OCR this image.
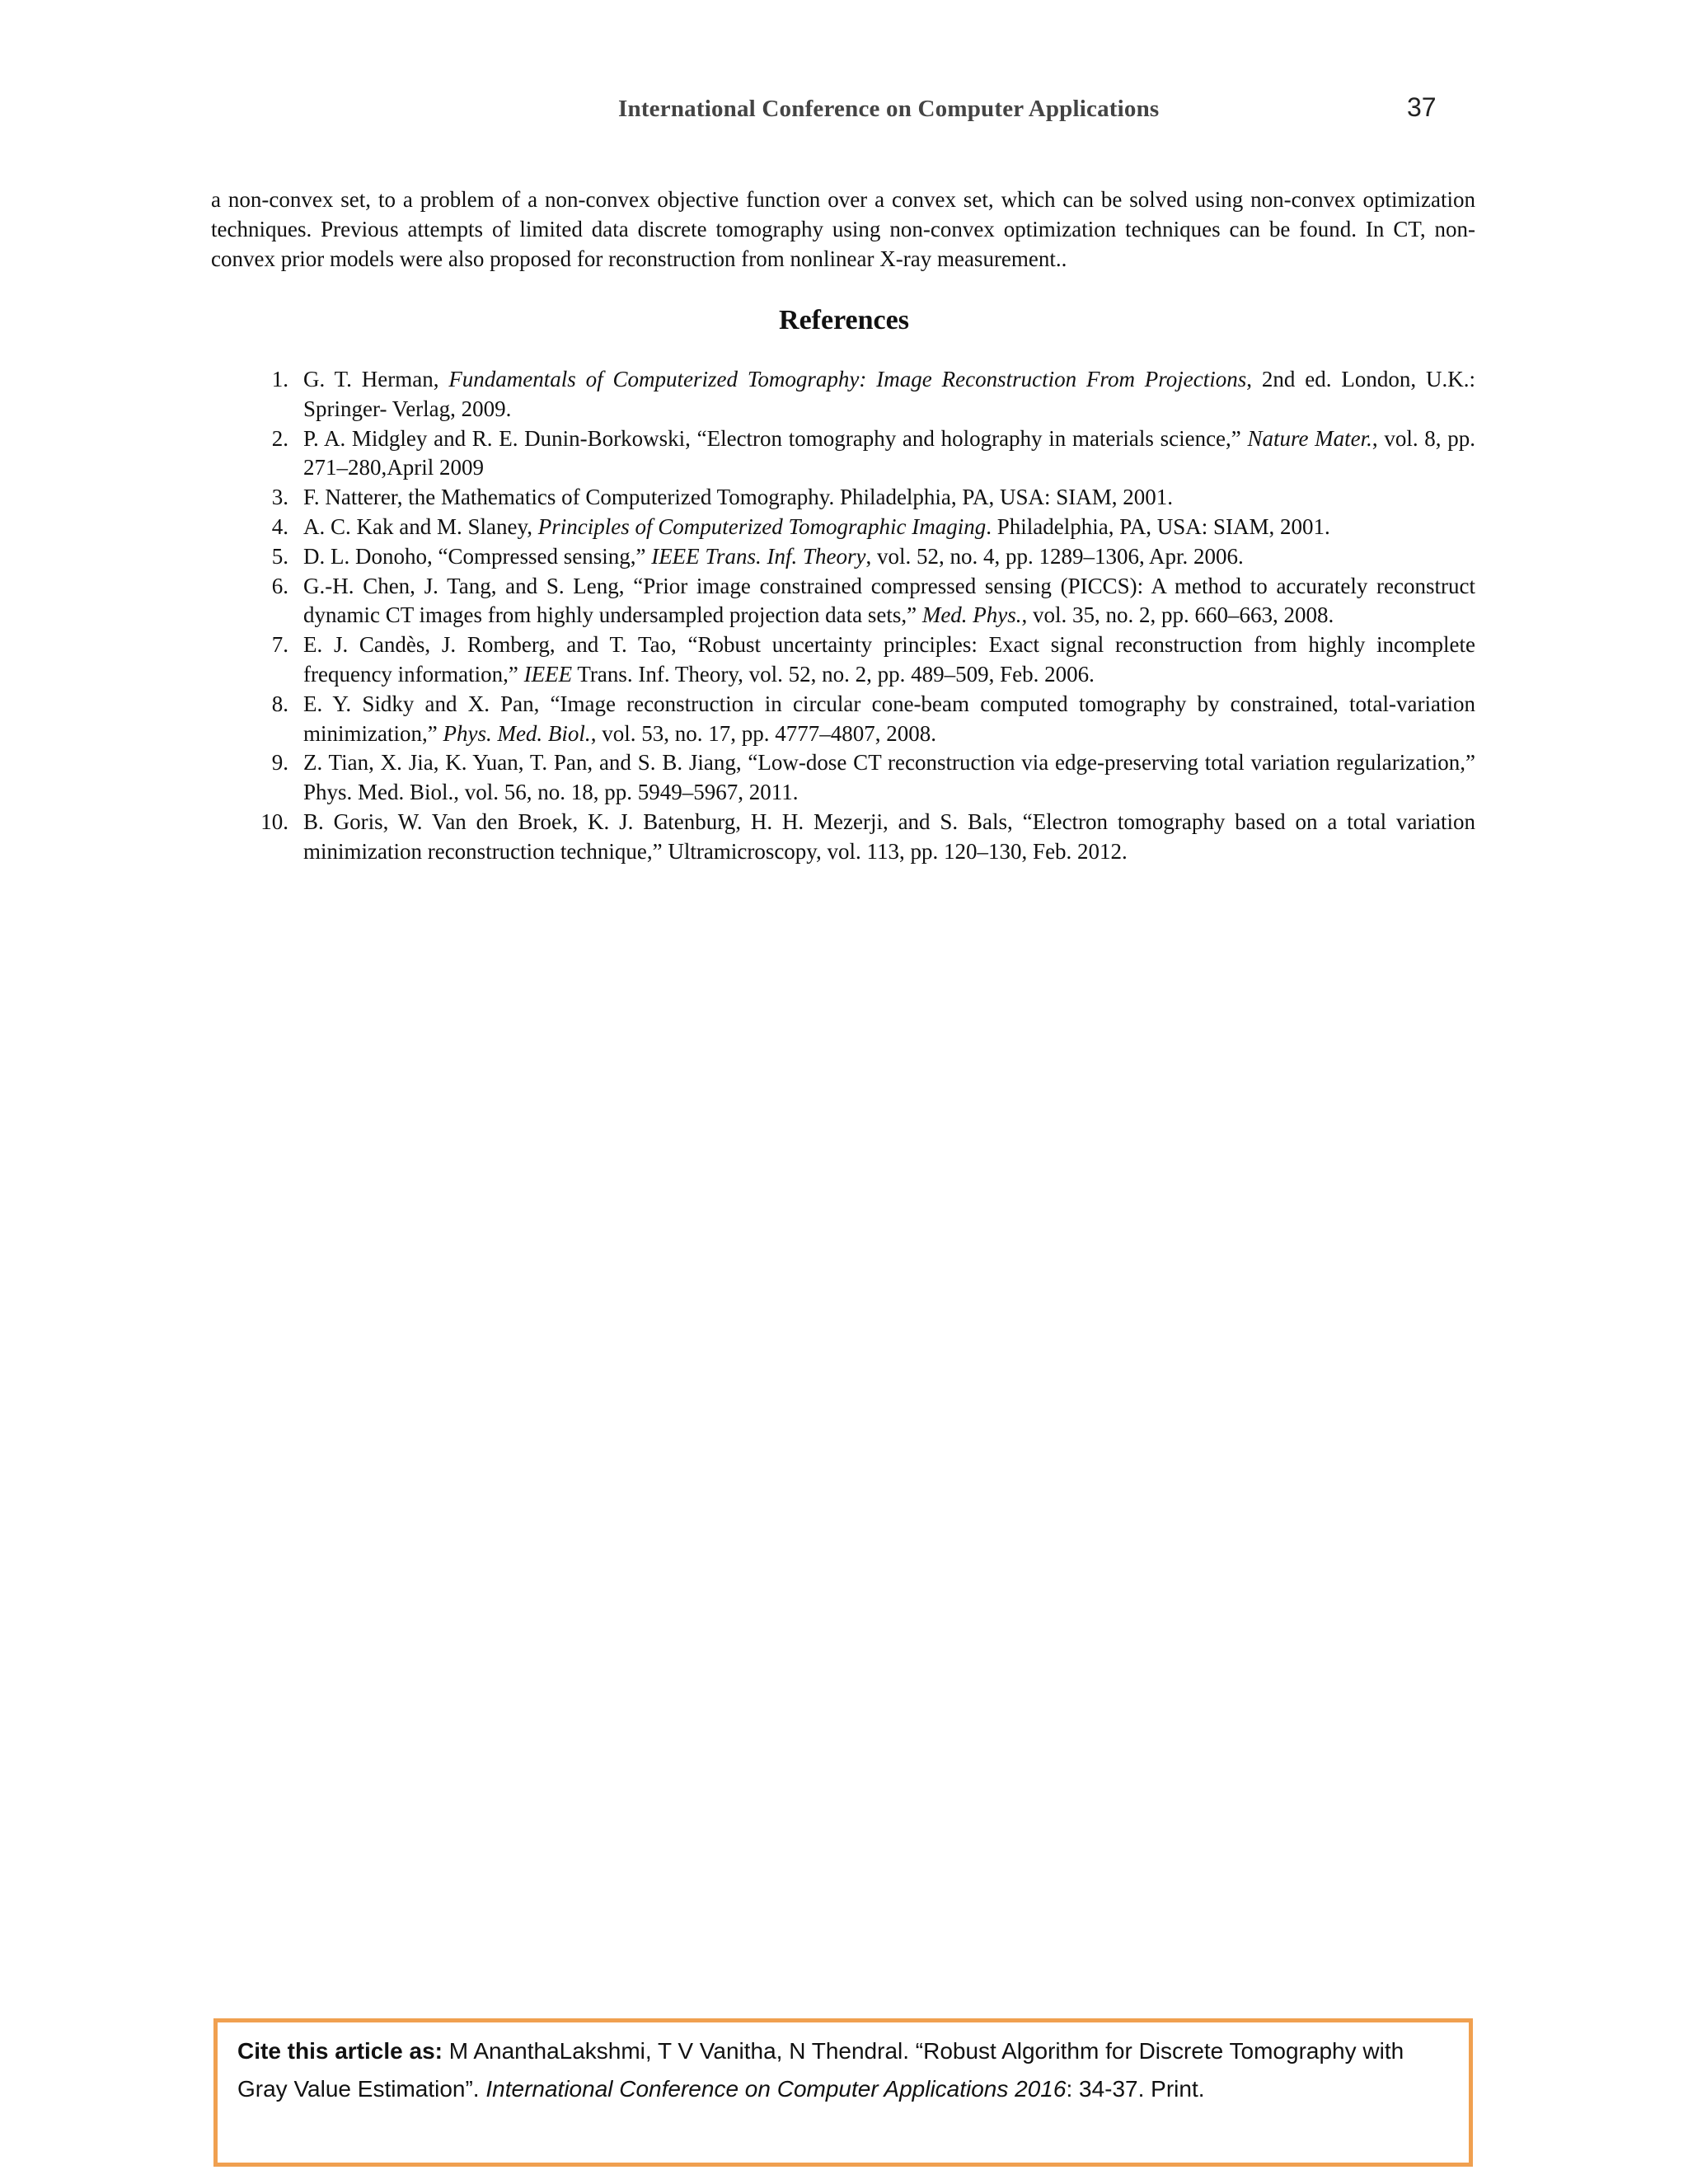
International Conference on Computer Applications	37

a non-convex set, to a problem of a non-convex objective function over a convex set, which can be solved using non-convex optimization techniques. Previous attempts of limited data discrete tomography using non-convex optimization techniques can be found. In CT, non-convex prior models were also proposed for reconstruction from nonlinear X-ray measurement..

References
1. G. T. Herman, Fundamentals of Computerized Tomography: Image Reconstruction From Projections, 2nd ed. London, U.K.: Springer- Verlag, 2009.
2. P. A. Midgley and R. E. Dunin-Borkowski, “Electron tomography and holography in materials science,” Nature Mater., vol. 8, pp. 271–280,April 2009
3. F. Natterer, the Mathematics of Computerized Tomography. Philadelphia, PA, USA: SIAM, 2001.
4. A. C. Kak and M. Slaney, Principles of Computerized Tomographic Imaging. Philadelphia, PA, USA: SIAM, 2001.
5. D. L. Donoho, “Compressed sensing,” IEEE Trans. Inf. Theory, vol. 52, no. 4, pp. 1289–1306, Apr. 2006.
6. G.-H. Chen, J. Tang, and S. Leng, “Prior image constrained compressed sensing (PICCS): A method to accurately reconstruct dynamic CT images from highly undersampled projection data sets,” Med. Phys., vol. 35, no. 2, pp. 660–663, 2008.
7. E. J. Candès, J. Romberg, and T. Tao, “Robust uncertainty principles: Exact signal reconstruction from highly incomplete frequency information,” IEEE Trans. Inf. Theory, vol. 52, no. 2, pp. 489–509, Feb. 2006.
8. E. Y. Sidky and X. Pan, “Image reconstruction in circular cone-beam computed tomography by constrained, total-variation minimization,” Phys. Med. Biol., vol. 53, no. 17, pp. 4777–4807, 2008.
9. Z. Tian, X. Jia, K. Yuan, T. Pan, and S. B. Jiang, “Low-dose CT reconstruction via edge-preserving total variation regularization,” Phys. Med. Biol., vol. 56, no. 18, pp. 5949–5967, 2011.
10. B. Goris, W. Van den Broek, K. J. Batenburg, H. H. Mezerji, and S. Bals, “Electron tomography based on a total variation minimization reconstruction technique,” Ultramicroscopy, vol. 113, pp. 120–130, Feb. 2012.
Cite this article as: M AnanthaLakshmi, T V Vanitha, N Thendral. “Robust Algorithm for Discrete Tomography with Gray Value Estimation”. International Conference on Computer Applications 2016: 34-37. Print.
